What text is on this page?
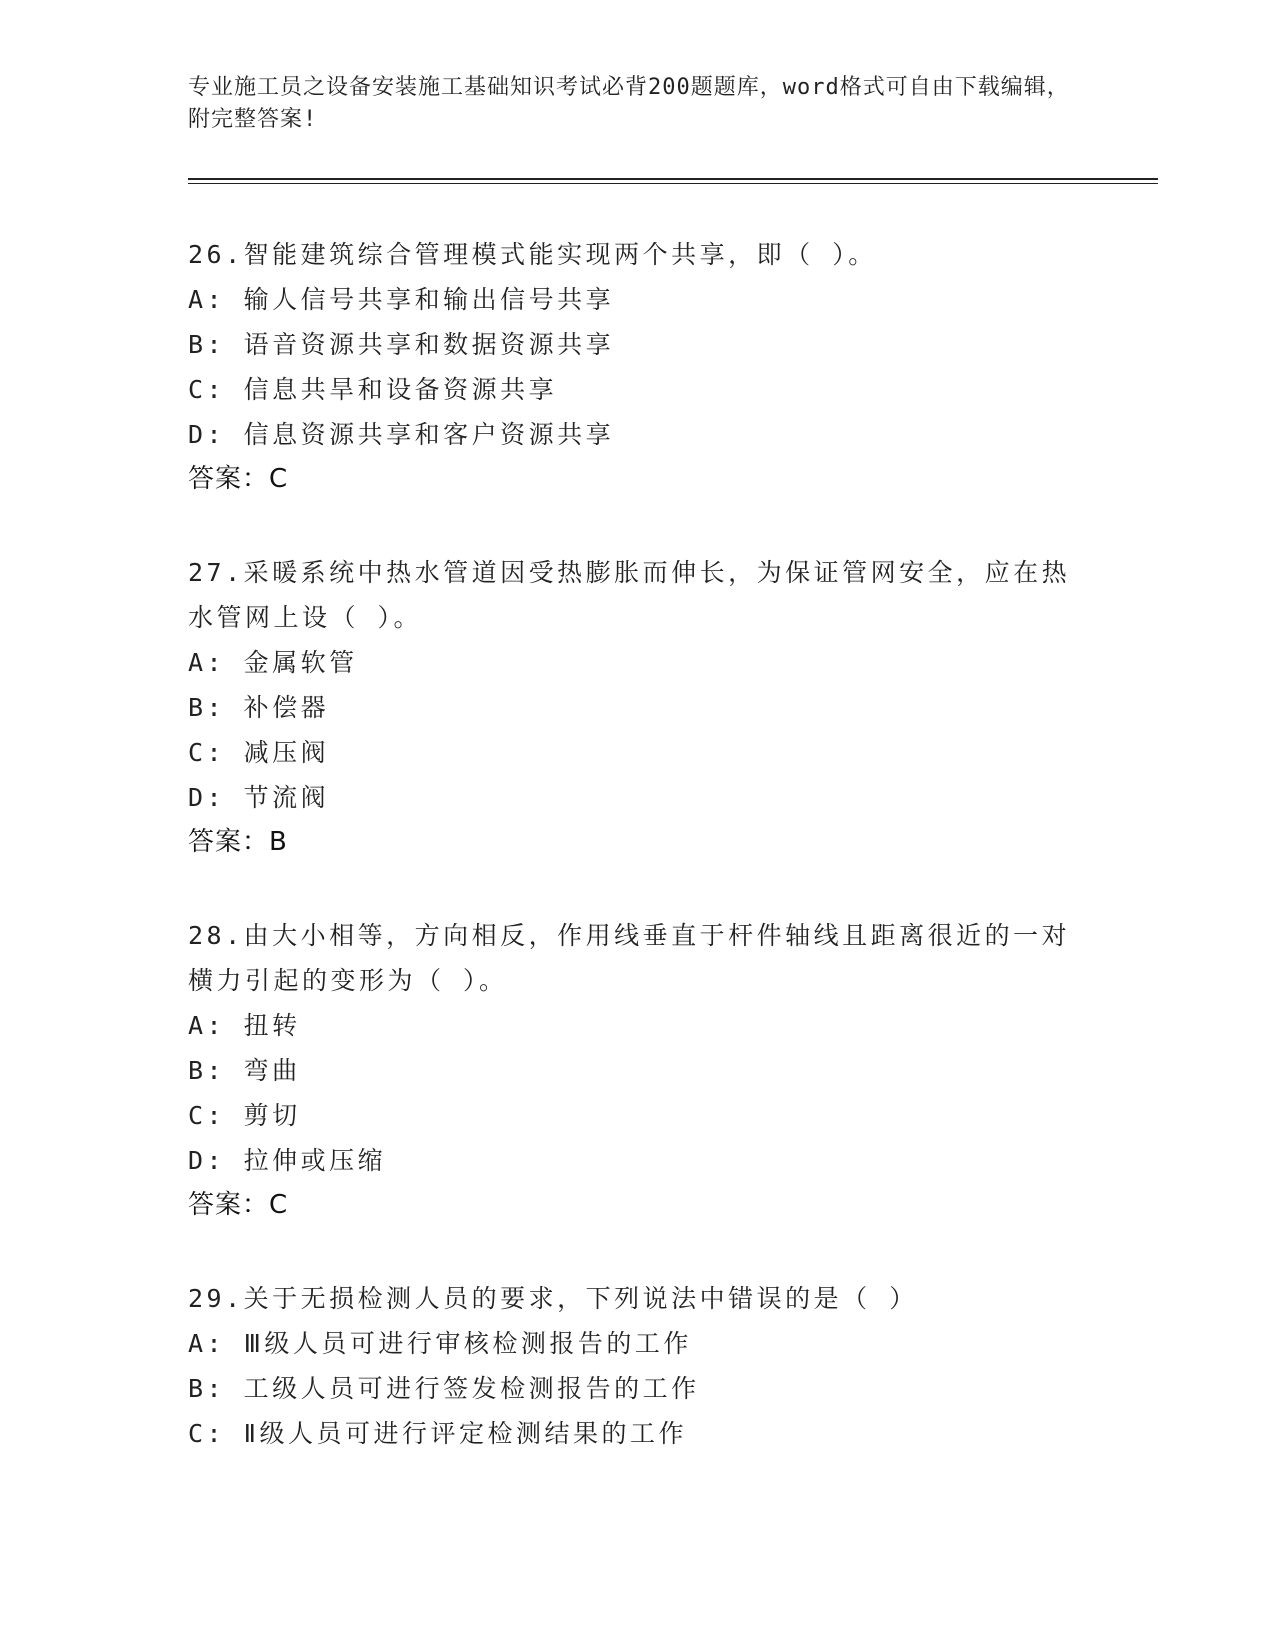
专业施工员之设备安装施工基础知识考试必背200题题库，word格式可自由下载编辑，附完整答案!

26.智能建筑综合管理模式能实现两个共享，即（ ）。

A: 输人信号共享和输出信号共享

B: 语音资源共享和数据资源共享

C: 信息共旱和设备资源共享

D: 信息资源共享和客户资源共享

答案：C

27.采暖系统中热水管道因受热膨胀而伸长，为保证管网安全，应在热水管网上设（ ）。

A: 金属软管

B: 补偿器

C: 减压阀

D: 节流阀

答案：B

28.由大小相等，方向相反，作用线垂直于杆件轴线且距离很近的一对横力引起的变形为（ ）。

A: 扭转

B: 弯曲

C: 剪切

D: 拉伸或压缩

答案：C

29.关于无损检测人员的要求，下列说法中错误的是（ ）

A: Ⅲ级人员可进行审核检测报告的工作

B: 工级人员可进行签发检测报告的工作

C: Ⅱ级人员可进行评定检测结果的工作
